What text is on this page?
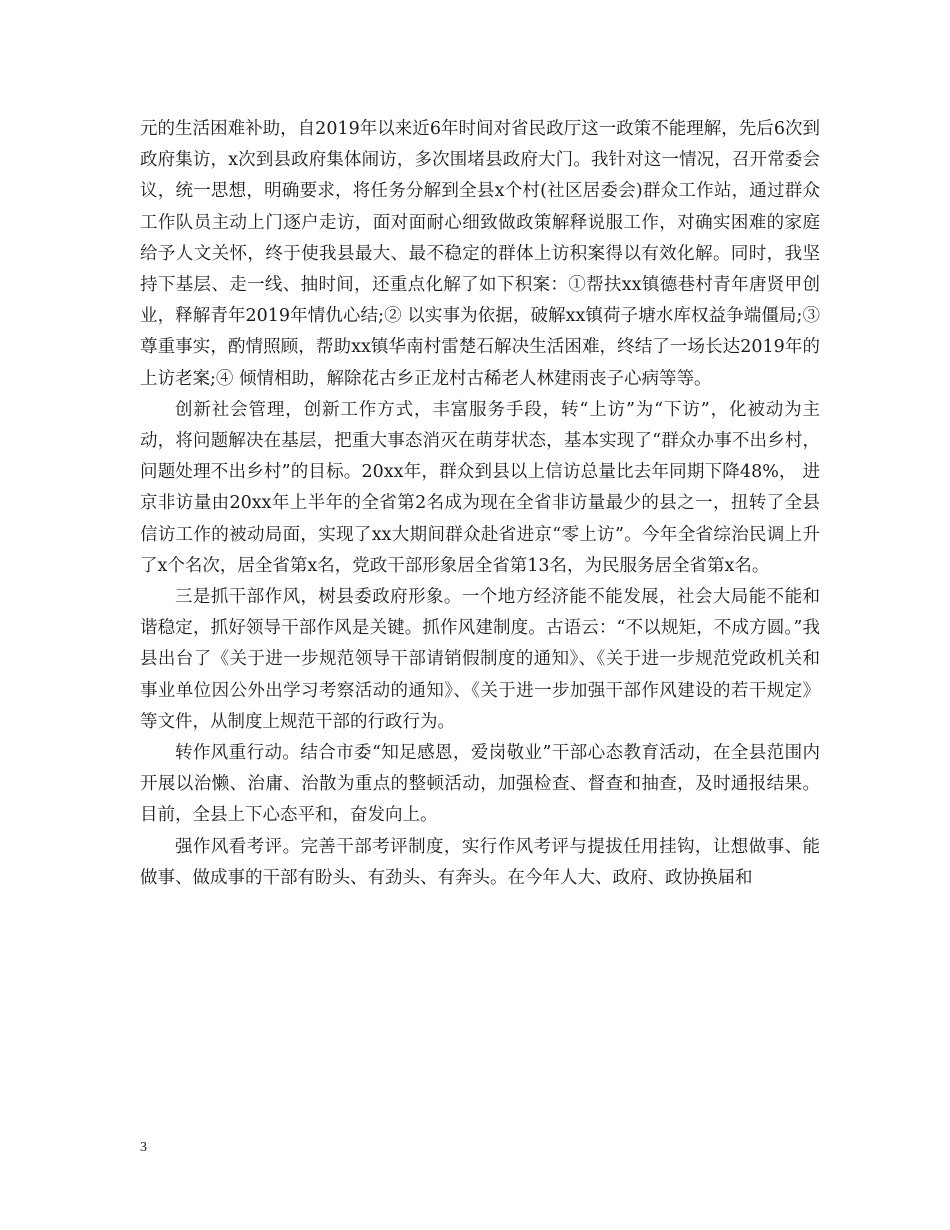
元的生活困难补助，自2019年以来近6年时间对省民政厅这一政策不能理解，先后6次到政府集访，x次到县政府集体闹访，多次围堵县政府大门。我针对这一情况，召开常委会议，统一思想，明确要求，将任务分解到全县x个村(社区居委会)群众工作站，通过群众工作队员主动上门逐户走访，面对面耐心细致做政策解释说服工作，对确实困难的家庭给予人文关怀，终于使我县最大、最不稳定的群体上访积案得以有效化解。同时，我坚持下基层、走一线、抽时间，还重点化解了如下积案：①帮扶xx镇德巷村青年唐贤甲创业，释解青年2019年情仇心结;② 以实事为依据，破解xx镇荷子塘水库权益争端僵局;③ 尊重事实，酌情照顾，帮助xx镇华南村雷楚石解决生活困难，终结了一场长达2019年的上访老案;④ 倾情相助，解除花古乡正龙村古稀老人林建雨丧子心病等等。

创新社会管理，创新工作方式，丰富服务手段，转“上访”为“下访”，化被动为主动，将问题解决在基层，把重大事态消灭在萌芽状态，基本实现了“群众办事不出乡村，问题处理不出乡村”的目标。20xx年，群众到县以上信访总量比去年同期下降48%， 进京非访量由20xx年上半年的全省第2名成为现在全省非访量最少的县之一，扭转了全县信访工作的被动局面，实现了xx大期间群众赴省进京“零上访”。今年全省综治民调上升了x个名次，居全省第x名，党政干部形象居全省第13名，为民服务居全省第x名。

三是抓干部作风，树县委政府形象。一个地方经济能不能发展，社会大局能不能和谐稳定，抓好领导干部作风是关键。抓作风建制度。古语云：“不以规矩，不成方圆。”我县出台了《关于进一步规范领导干部请销假制度的通知》、《关于进一步规范党政机关和事业单位因公外出学习考察活动的通知》、《关于进一步加强干部作风建设的若干规定》等文件，从制度上规范干部的行政行为。

转作风重行动。结合市委“知足感恩，爱岗敬业”干部心态教育活动，在全县范围内开展以治懒、治庸、治散为重点的整顿活动，加强检查、督查和抽查，及时通报结果。目前，全县上下心态平和，奋发向上。

强作风看考评。完善干部考评制度，实行作风考评与提拔任用挂钩，让想做事、能做事、做成事的干部有盼头、有劲头、有奔头。在今年人大、政府、政协换届和

3
